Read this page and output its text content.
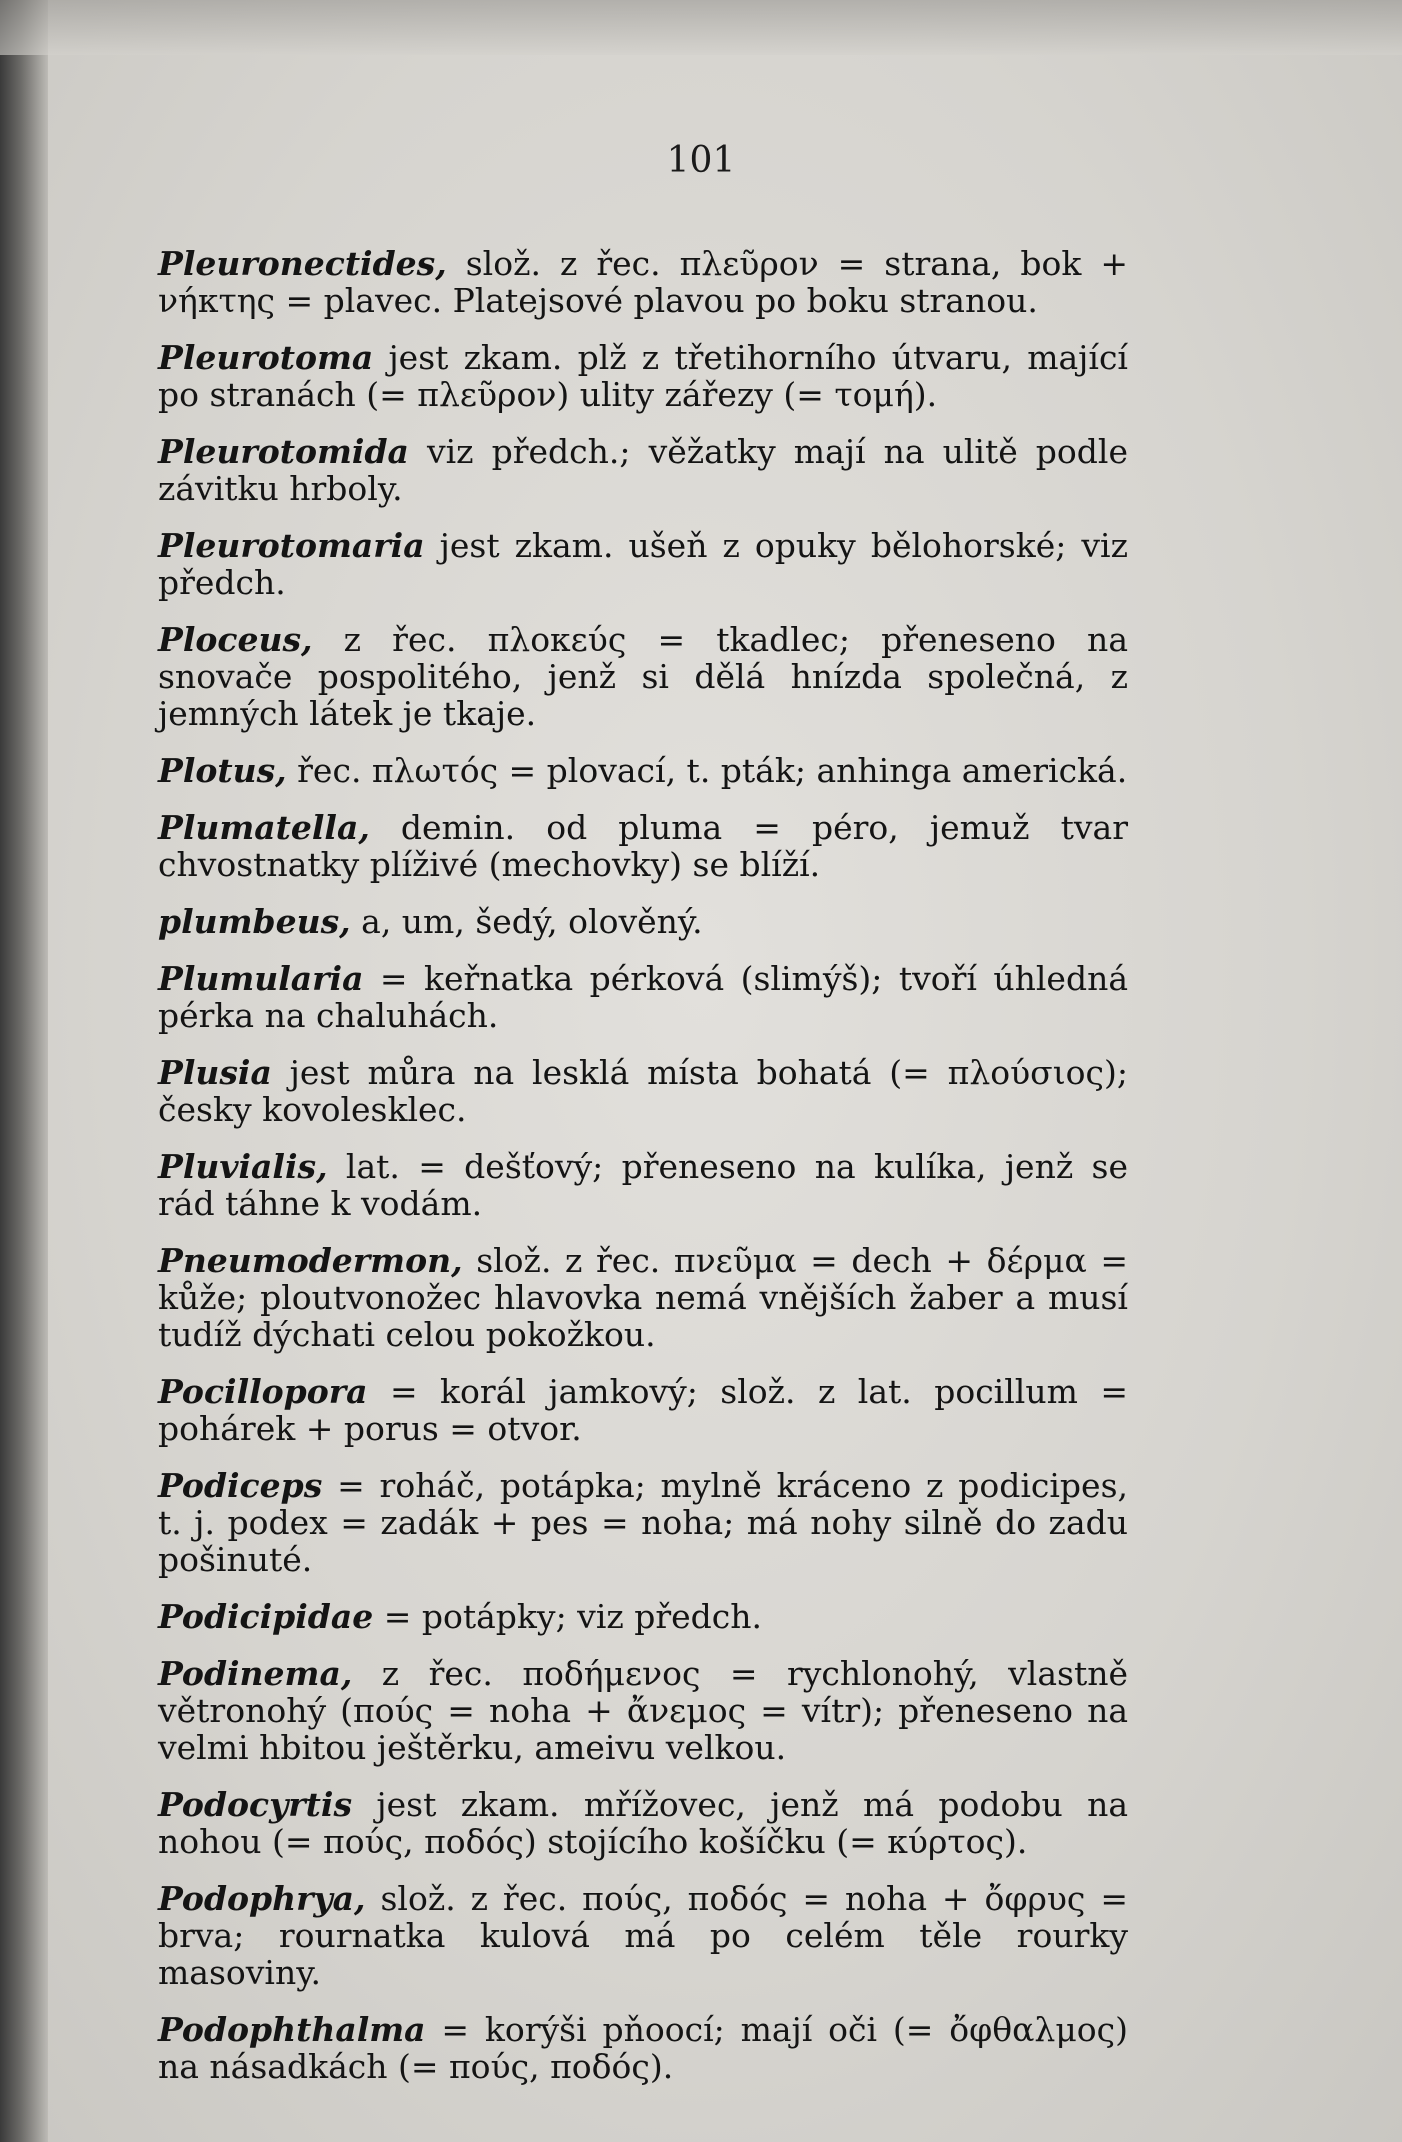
101

Pleuronectides, slož. z řec. πλεῦρον = strana, bok + νήκτης = plavec. Platejsové plavou po boku stranou.

Pleurotoma jest zkam. plž z třetihorního útvaru, mající po stranách (= πλεῦρον) ulity zářezy (= τομή).

Pleurotomida viz předch.; věžatky mají na ulitě podle závitku hrboly.

Pleurotomaria jest zkam. ušeň z opuky bělohorské; viz předch.

Ploceus, z řec. πλοκεύς = tkadlec; přeneseno na snovače pospolitého, jenž si dělá hnízda společná, z jemných látek je tkaje.

Plotus, řec. πλωτός = plovací, t. pták; anhinga americká.

Plumatella, demin. od pluma = péro, jemuž tvar chvostnatky plíživé (mechovky) se blíží.

plumbeus, a, um, šedý, olověný.

Plumularia = keřnatka pérková (slimýš); tvoří úhledná pérka na chaluhách.

Plusia jest můra na lesklá místa bohatá (= πλούσιος); česky kovolesklec.

Pluvialis, lat. = dešťový; přeneseno na kulíka, jenž se rád táhne k vodám.

Pneumodermon, slož. z řec. πνεῦμα = dech + δέρμα = kůže; ploutvonožec hlavovka nemá vnějších žaber a musí tudíž dýchati celou pokožkou.

Pocillopora = korál jamkový; slož. z lat. pocillum = pohárek + porus = otvor.

Podiceps = roháč, potápka; mylně kráceno z podicipes, t. j. podex = zadák + pes = noha; má nohy silně do zadu pošinuté.

Podicipidae = potápky; viz předch.

Podinema, z řec. ποδήμενος = rychlonohý, vlastně větronohý (πούς = noha + ἄνεμος = vítr); přeneseno na velmi hbitou ještěrku, ameivu velkou.

Podocyrtis jest zkam. mřížovec, jenž má podobu na nohou (= πούς, ποδός) stojícího košíčku (= κύρτος).

Podophrya, slož. z řec. πούς, ποδός = noha + ὄφρυς = brva; rournatka kulová má po celém těle rourky masoviny.

Podophthalma = korýši pňoocí; mají oči (= ὄφθαλμος) na násadkách (= πούς, ποδός).
